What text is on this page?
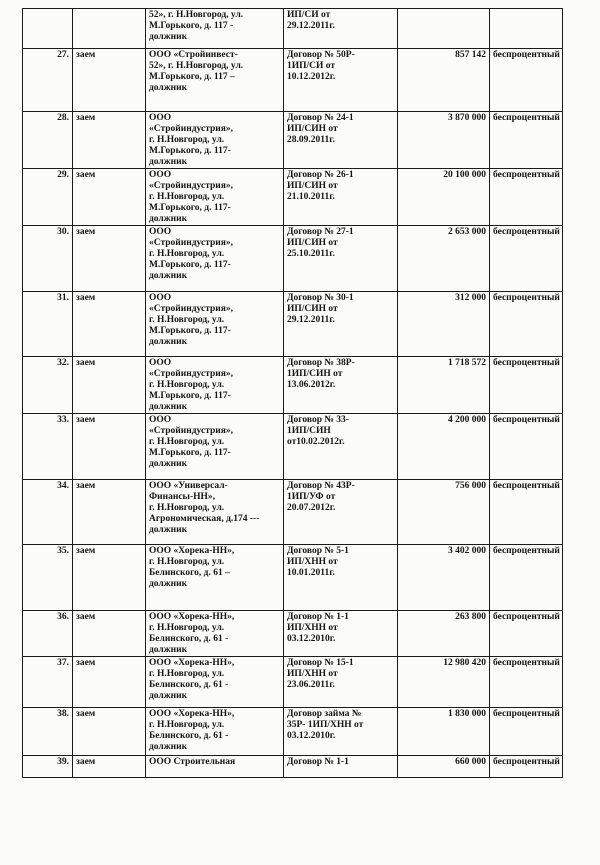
		52», г. Н.Новгород, ул.
М.Горького, д. 117 -
должник	ИП/СИ от
29.12.2011г.		
27.	заем	ООО «Стройинвест-
52», г. Н.Новгород, ул.
М.Горького, д. 117 –
должник	Договор № 50Р-
1ИП/СИ от
10.12.2012г.	857 142	беспроцентный
28.	заем	ООО
«Стройиндустрия»,
г. Н.Новгород, ул.
М.Горького, д. 117-
должник	Договор № 24-1
ИП/СИН от
28.09.2011г.	3 870 000	беспроцентный
29.	заем	ООО
«Стройиндустрия»,
г. Н.Новгород, ул.
М.Горького, д. 117-
должник	Договор № 26-1
ИП/СИН от
21.10.2011г.	20 100 000	беспроцентный
30.	заем	ООО
«Стройиндустрия»,
г. Н.Новгород, ул.
М.Горького, д. 117-
должник	Договор № 27-1
ИП/СИН от
25.10.2011г.	2 653 000	беспроцентный
31.	заем	ООО
«Стройиндустрия»,
г. Н.Новгород, ул.
М.Горького, д. 117-
должник	Договор № 30-1
ИП/СИН от
29.12.2011г.	312 000	беспроцентный
32.	заем	ООО
«Стройиндустрия»,
г. Н.Новгород, ул.
М.Горького, д. 117-
должник	Договор № 38Р-
1ИП/СИН от
13.06.2012г.	1 718 572	беспроцентный
33.	заем	ООО
«Стройиндустрия»,
г. Н.Новгород, ул.
М.Горького, д. 117-
должник	Договор № 33-
1ИП/СИН
от10.02.2012г.	4 200 000	беспроцентный
34.	заем	ООО «Универсал-
Финансы-НН»,
г. Н.Новгород, ул.
Агрономическая, д.174 ---
должник	Договор № 43Р-
1ИП/УФ от
20.07.2012г.	756 000	беспроцентный
35.	заем	ООО «Хорека-НН»,
г. Н.Новгород, ул.
Белинского, д. 61 –
должник	Договор № 5-1
ИП/ХНН от
10.01.2011г.	3 402 000	беспроцентный
36.	заем	ООО «Хорека-НН»,
г. Н.Новгород, ул.
Белинского, д. 61 -
должник	Договор № 1-1
ИП/ХНН от
03.12.2010г.	263 800	беспроцентный
37.	заем	ООО «Хорека-НН»,
г. Н.Новгород, ул.
Белинского, д. 61 -
должник	Договор № 15-1
ИП/ХНН от
23.06.2011г.	12 980 420	беспроцентный
38.	заем	ООО «Хорека-НН»,
г. Н.Новгород, ул.
Белинского, д. 61 -
должник	Договор займа №
35Р- 1ИП/ХНН от
03.12.2010г.	1 830 000	беспроцентный
39.	заем	ООО Строительная	Договор № 1-1	660 000	беспроцентный
